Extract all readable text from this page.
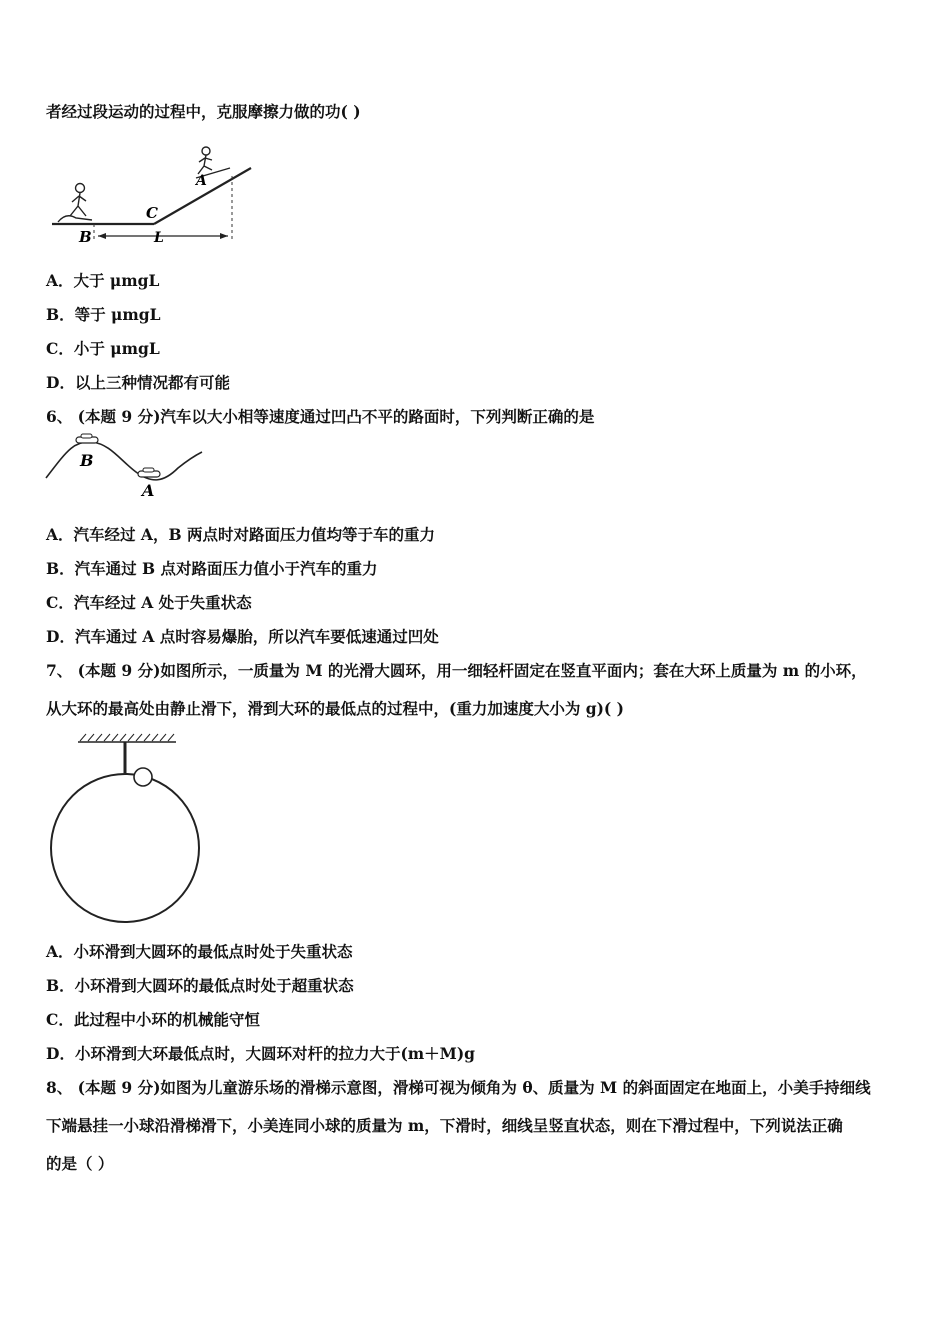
者经过段运动的过程中，克服摩擦力做的功( )
B
C
A
L
A．大于 μmgL
B．等于 μmgL
C．小于 μmgL
D．以上三种情况都有可能
6、 (本题 9 分)汽车以大小相等速度通过凹凸不平的路面时，下列判断正确的是
B
A
A．汽车经过 A，B 两点时对路面压力值均等于车的重力
B．汽车通过 B 点对路面压力值小于汽车的重力
C．汽车经过 A 处于失重状态
D．汽车通过 A 点时容易爆胎，所以汽车要低速通过凹处
7、 (本题 9 分)如图所示，一质量为 M 的光滑大圆环，用一细轻杆固定在竖直平面内；套在大环上质量为 m 的小环，
从大环的最高处由静止滑下，滑到大环的最低点的过程中，(重力加速度大小为 g)( )
A．小环滑到大圆环的最低点时处于失重状态
B．小环滑到大圆环的最低点时处于超重状态
C．此过程中小环的机械能守恒
D．小环滑到大环最低点时，大圆环对杆的拉力大于(m＋M)g
8、 (本题 9 分)如图为儿童游乐场的滑梯示意图，滑梯可视为倾角为 θ、质量为 M 的斜面固定在地面上，小美手持细线
下端悬挂一小球沿滑梯滑下，小美连同小球的质量为 m，下滑时，细线呈竖直状态，则在下滑过程中，下列说法正确
的是（ ）
